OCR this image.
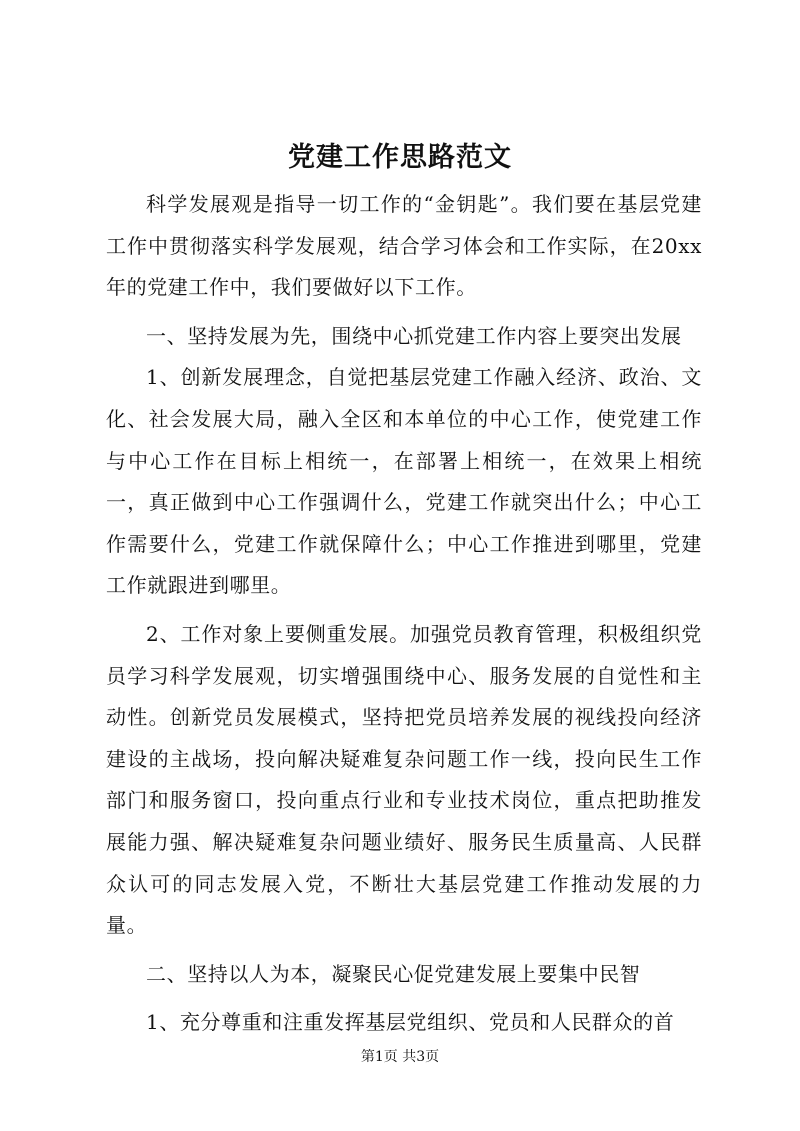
党建工作思路范文

科学发展观是指导一切工作的“金钥匙”。我们要在基层党建工作中贯彻落实科学发展观，结合学习体会和工作实际，在20xx年的党建工作中，我们要做好以下工作。

一、坚持发展为先，围绕中心抓党建工作内容上要突出发展

1、创新发展理念，自觉把基层党建工作融入经济、政治、文化、社会发展大局，融入全区和本单位的中心工作，使党建工作与中心工作在目标上相统一，在部署上相统一，在效果上相统一，真正做到中心工作强调什么，党建工作就突出什么；中心工作需要什么，党建工作就保障什么；中心工作推进到哪里，党建工作就跟进到哪里。

2、工作对象上要侧重发展。加强党员教育管理，积极组织党员学习科学发展观，切实增强围绕中心、服务发展的自觉性和主动性。创新党员发展模式，坚持把党员培养发展的视线投向经济建设的主战场，投向解决疑难复杂问题工作一线，投向民生工作部门和服务窗口，投向重点行业和专业技术岗位，重点把助推发展能力强、解决疑难复杂问题业绩好、服务民生质量高、人民群众认可的同志发展入党，不断壮大基层党建工作推动发展的力量。

二、坚持以人为本，凝聚民心促党建发展上要集中民智

1、充分尊重和注重发挥基层党组织、党员和人民群众的首

第1页 共3页
